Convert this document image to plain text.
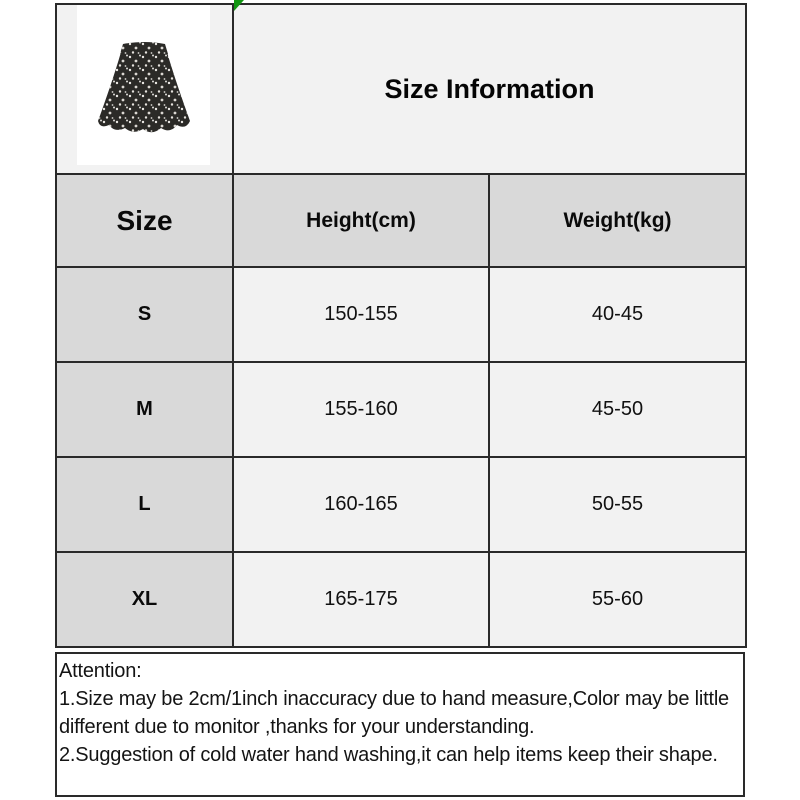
	Size Information	
Size	Height(cm)	Weight(kg)
S	150-155	40-45
M	155-160	45-50
L	160-165	50-55
XL	165-175	55-60
Attention:
1.Size may be 2cm/1inch inaccuracy due to hand measure,Color may be little
different due to monitor ,thanks for your understanding.
2.Suggestion of cold water hand washing,it can help items keep their shape.
